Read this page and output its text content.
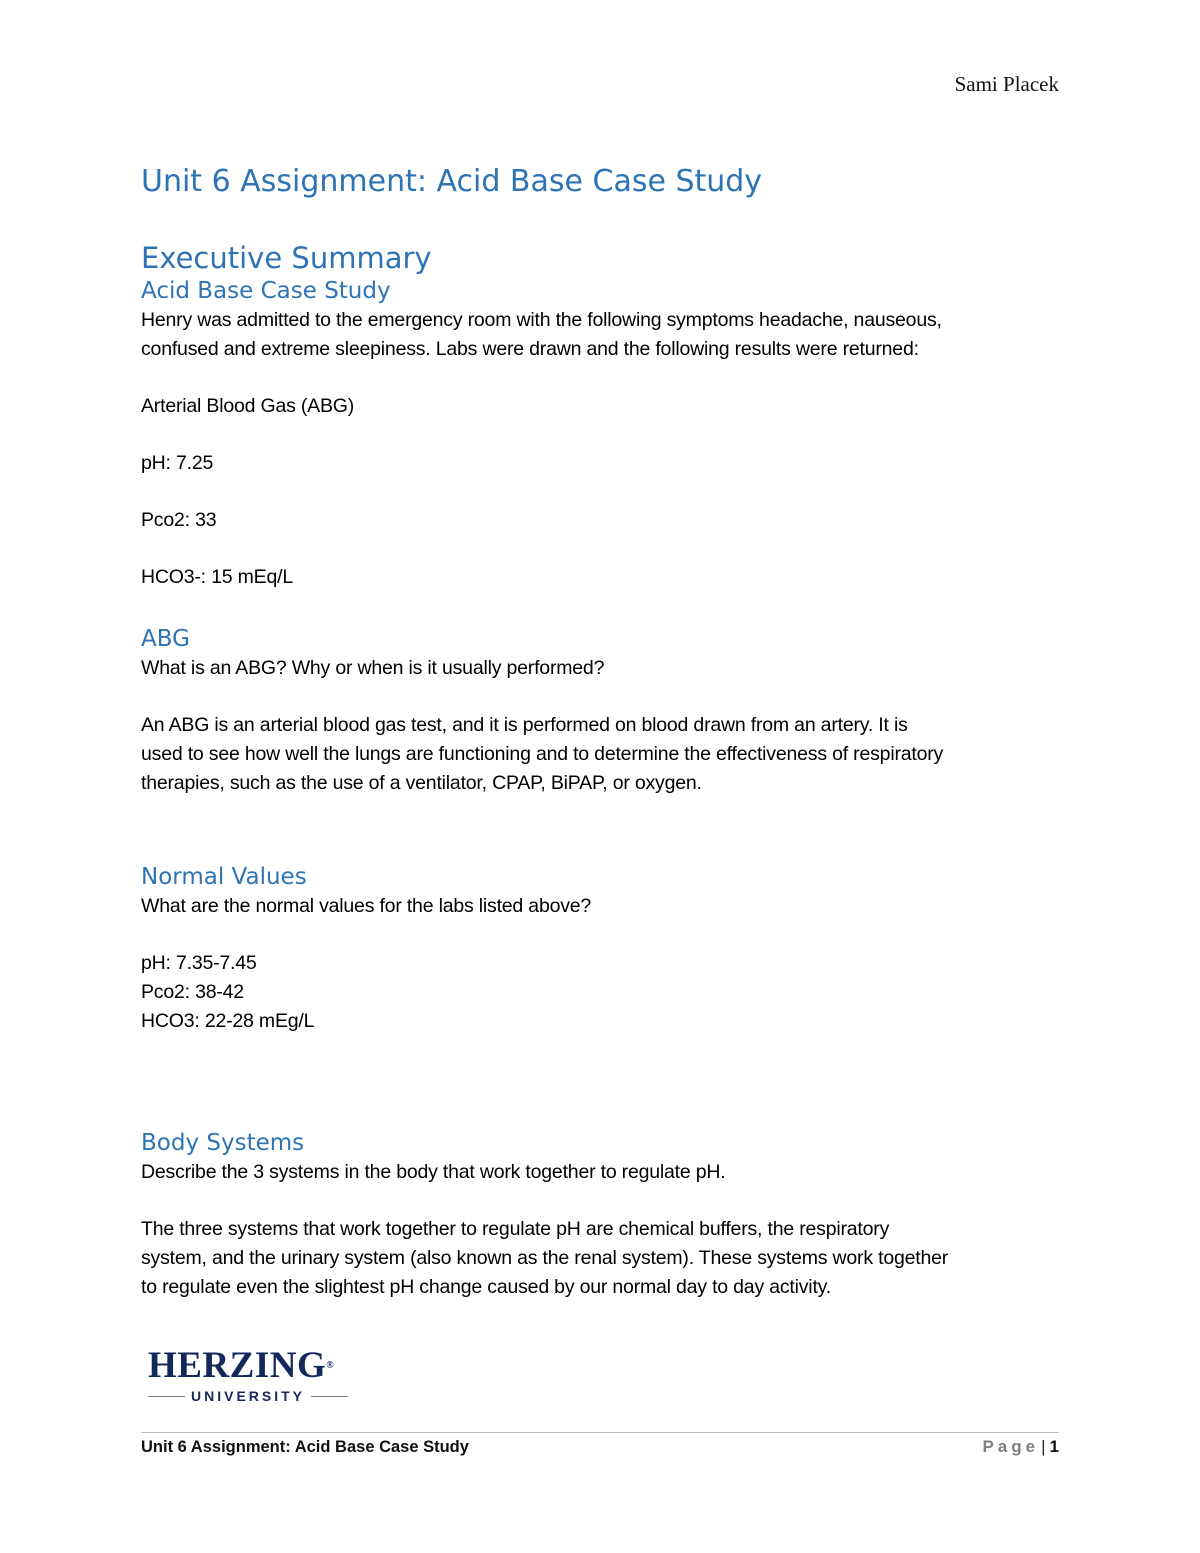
Sami Placek
Unit 6 Assignment: Acid Base Case Study
Executive Summary
Acid Base Case Study

Henry was admitted to the emergency room with the following symptoms headache, nauseous,

confused and extreme sleepiness. Labs were drawn and the following results were returned:

Arterial Blood Gas (ABG)

pH: 7.25

Pco2: 33

HCO3-: 15 mEq/L

ABG

What is an ABG? Why or when is it usually performed?

An ABG is an arterial blood gas test, and it is performed on blood drawn from an artery. It is

used to see how well the lungs are functioning and to determine the effectiveness of respiratory

therapies, such as the use of a ventilator, CPAP, BiPAP, or oxygen.

Normal Values

What are the normal values for the labs listed above?

pH: 7.35-7.45

Pco2: 38-42

HCO3: 22-28 mEg/L

Body Systems

Describe the 3 systems in the body that work together to regulate pH.

The three systems that work together to regulate pH are chemical buffers, the respiratory

system, and the urinary system (also known as the renal system). These systems work together

to regulate even the slightest pH change caused by our normal day to day activity.

HERZING®
UNIVERSITY
Unit 6 Assignment: Acid Base Case Study	Page | 1
